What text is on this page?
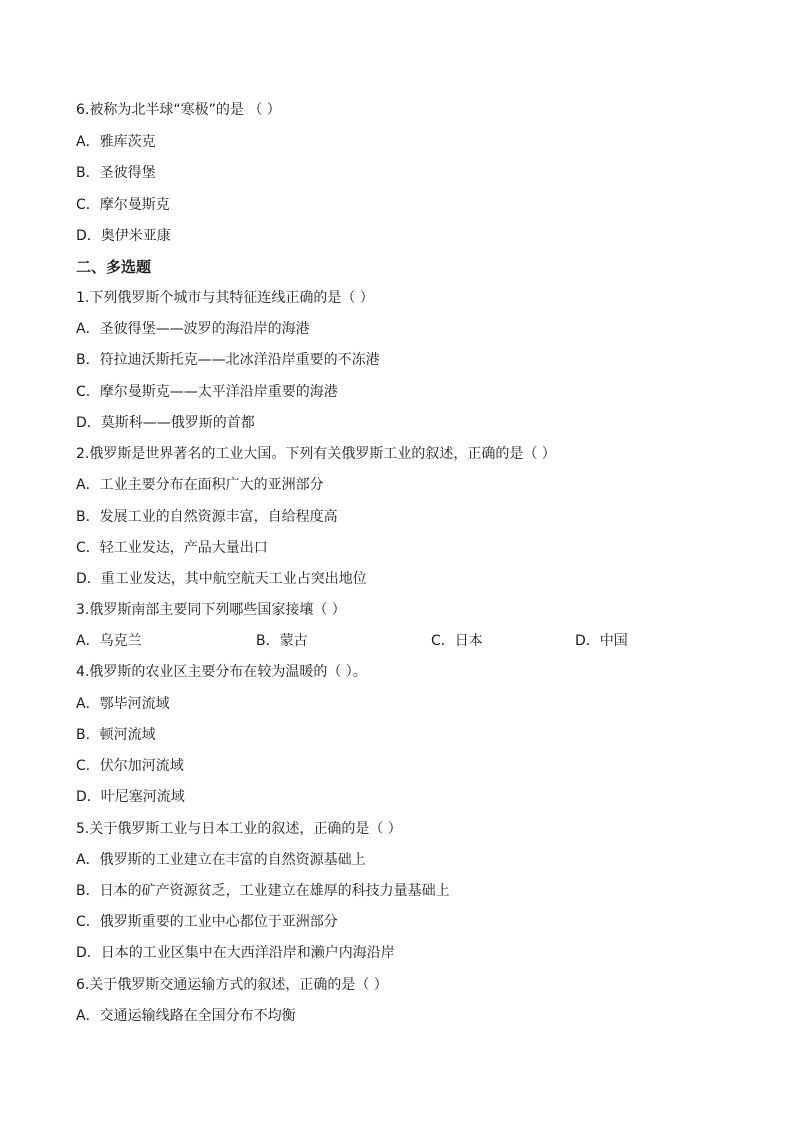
6.被称为北半球“寒极”的是 （ ）
A．雅库茨克
B．圣彼得堡
C．摩尔曼斯克
D．奥伊米亚康
二、多选题
1.下列俄罗斯个城市与其特征连线正确的是（ ）
A．圣彼得堡——波罗的海沿岸的海港
B．符拉迪沃斯托克——北冰洋沿岸重要的不冻港
C．摩尔曼斯克——太平洋沿岸重要的海港
D．莫斯科——俄罗斯的首都
2.俄罗斯是世界著名的工业大国。下列有关俄罗斯工业的叙述，正确的是（ ）
A．工业主要分布在面积广大的亚洲部分
B．发展工业的自然资源丰富，自给程度高
C．轻工业发达，产品大量出口
D．重工业发达，其中航空航天工业占突出地位
3.俄罗斯南部主要同下列哪些国家接壤（ ）
A．乌克兰	B．蒙古	C．日本	D．中国
4.俄罗斯的农业区主要分布在较为温暖的（ ）。
A．鄂毕河流域
B．顿河流域
C．伏尔加河流域
D．叶尼塞河流域
5.关于俄罗斯工业与日本工业的叙述，正确的是（ ）
A．俄罗斯的工业建立在丰富的自然资源基础上
B．日本的矿产资源贫乏，工业建立在雄厚的科技力量基础上
C．俄罗斯重要的工业中心都位于亚洲部分
D．日本的工业区集中在大西洋沿岸和濑户内海沿岸
6.关于俄罗斯交通运输方式的叙述，正确的是（ ）
A．交通运输线路在全国分布不均衡
